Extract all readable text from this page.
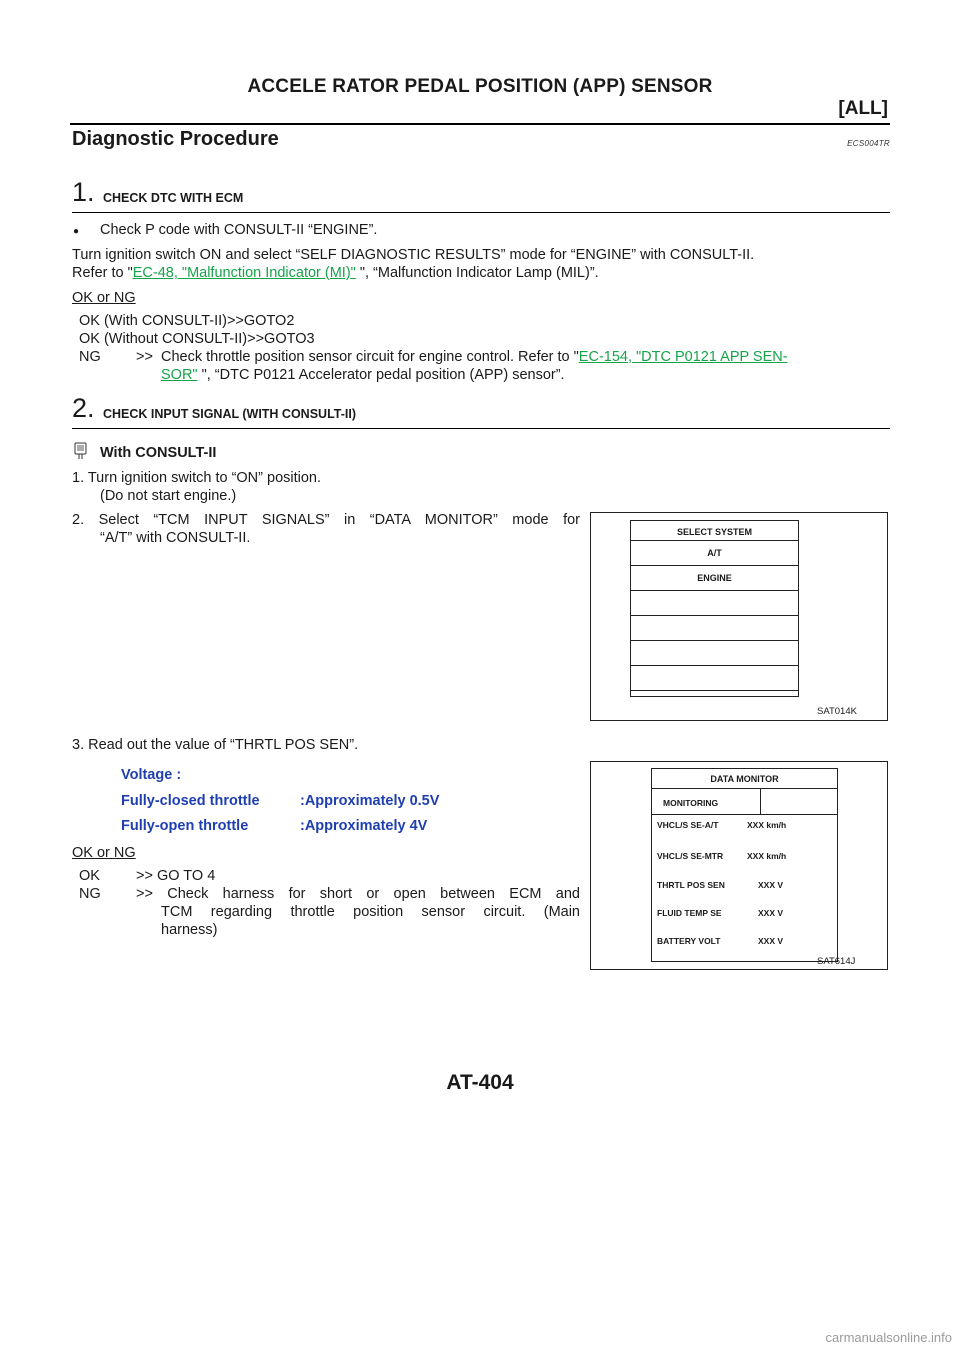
ACCELE RATOR PEDAL POSITION (APP) SENSOR
[ALL]
Diagnostic Procedure	ECS004TR
1. CHECK DTC WITH ECM
● Check P code with CONSULT-II “ENGINE”.
Turn ignition switch ON and select “SELF DIAGNOSTIC RESULTS” mode for “ENGINE” with CONSULT-II.
Refer to "EC-48, "Malfunction Indicator (MI)" ", “Malfunction Indicator Lamp (MIL)”.
OK or NG
OK (With CONSULT-II)>>GOTO2
OK (Without CONSULT-II)>>GOTO3
NG >> Check throttle position sensor circuit for engine control. Refer to "EC-154, "DTC P0121 APP SEN-
SOR" ", “DTC P0121 Accelerator pedal position (APP) sensor”.
2. CHECK INPUT SIGNAL (WITH CONSULT-II)
With CONSULT-II
1. Turn ignition switch to “ON” position.
(Do not start engine.)
2. Select “TCM INPUT SIGNALS” in “DATA MONITOR” mode for
“A/T” with CONSULT-II.	SELECT SYSTEM
A/T
ENGINE
SAT014K
3. Read out the value of “THRTL POS SEN”.
Voltage :
Fully-closed throttle	:Approximately 0.5V
Fully-open throttle	:Approximately 4V
OK or NG
OK >> GO TO 4
NG >> Check harness for short or open between ECM and
TCM regarding throttle position sensor circuit. (Main
harness)
DATA MONITOR
MONITORING
VHCL/S SE-A/T	XXX km/h
VHCL/S SE-MTR	XXX km/h
THRTL POS SEN	XXX V
FLUID TEMP SE	XXX V
BATTERY VOLT	XXX V
SAT614J
AT-404
carmanualsonline.info
